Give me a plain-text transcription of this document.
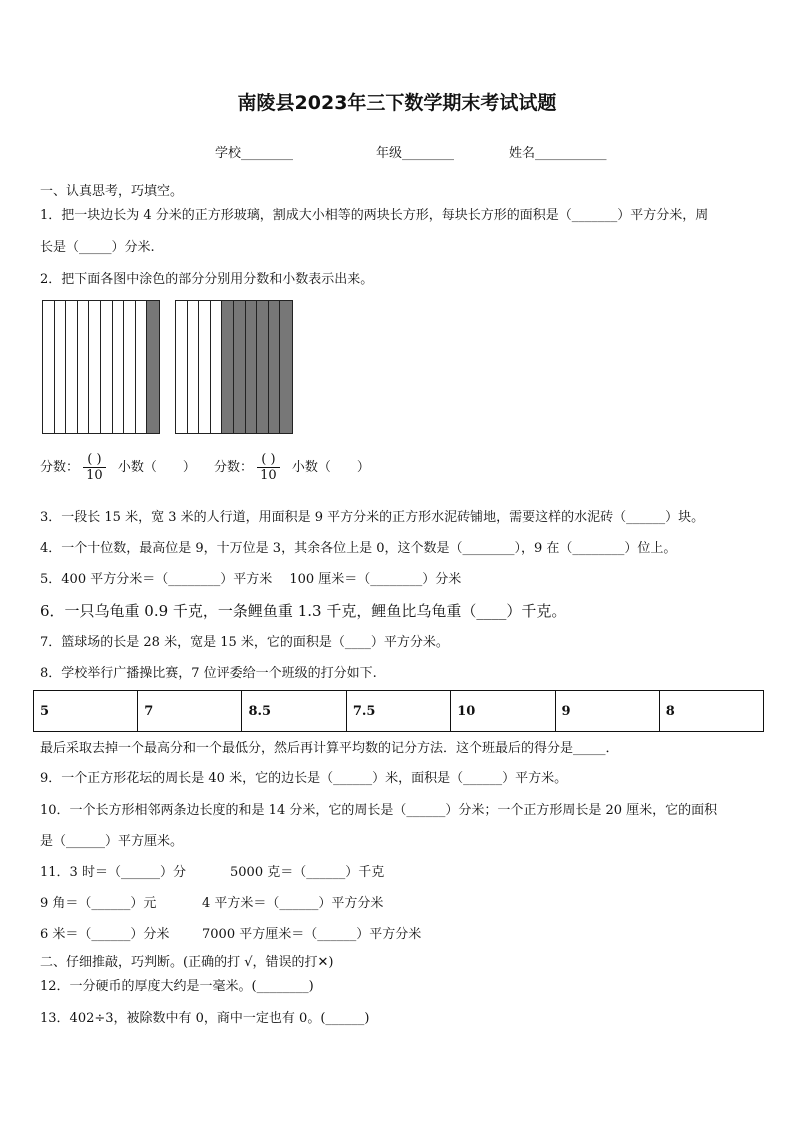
南陵县2023年三下数学期末考试试题
学校________	年级________	姓名___________
一、认真思考，巧填空。
1．把一块边长为 4 分米的正方形玻璃，割成大小相等的两块长方形，每块长方形的面积是（_______）平方分米，周
长是（_____）分米.
2．把下面各图中涂色的部分分别用分数和小数表示出来。
分数： $\frac{( )}{10}$ 小数（　　） 分数： $\frac{( )}{10}$ 小数（　　）
3．一段长 15 米，宽 3 米的人行道，用面积是 9 平方分米的正方形水泥砖铺地，需要这样的水泥砖（______）块。
4．一个十位数，最高位是 9，十万位是 3，其余各位上是 0，这个数是（________），9 在（________）位上。
5．400 平方分米＝（________）平方米　 100 厘米＝（________）分米
6．一只乌龟重 0.9 千克，一条鲤鱼重 1.3 千克，鲤鱼比乌龟重（____）千克。
7．篮球场的长是 28 米，宽是 15 米，它的面积是（____）平方分米。
8．学校举行广播操比赛，7 位评委给一个班级的打分如下.
5	7	8.5	7.5	10	9	8
最后采取去掉一个最高分和一个最低分，然后再计算平均数的记分方法．这个班最后的得分是_____．
9．一个正方形花坛的周长是 40 米，它的边长是（______）米，面积是（______）平方米。
10．一个长方形相邻两条边长度的和是 14 分米，它的周长是（______）分米；一个正方形周长是 20 厘米，它的面积
是（______）平方厘米。
11．3 时＝（______）分	5000 克＝（______）千克
9 角＝（______）元	4 平方米＝（______）平方分米
6 米＝（______）分米	7000 平方厘米＝（______）平方分米
二、仔细推敲，巧判断。(正确的打 √，错误的打✕)
12．一分硬币的厚度大约是一毫米。(________)
13．402÷3，被除数中有 0，商中一定也有 0。(______)
